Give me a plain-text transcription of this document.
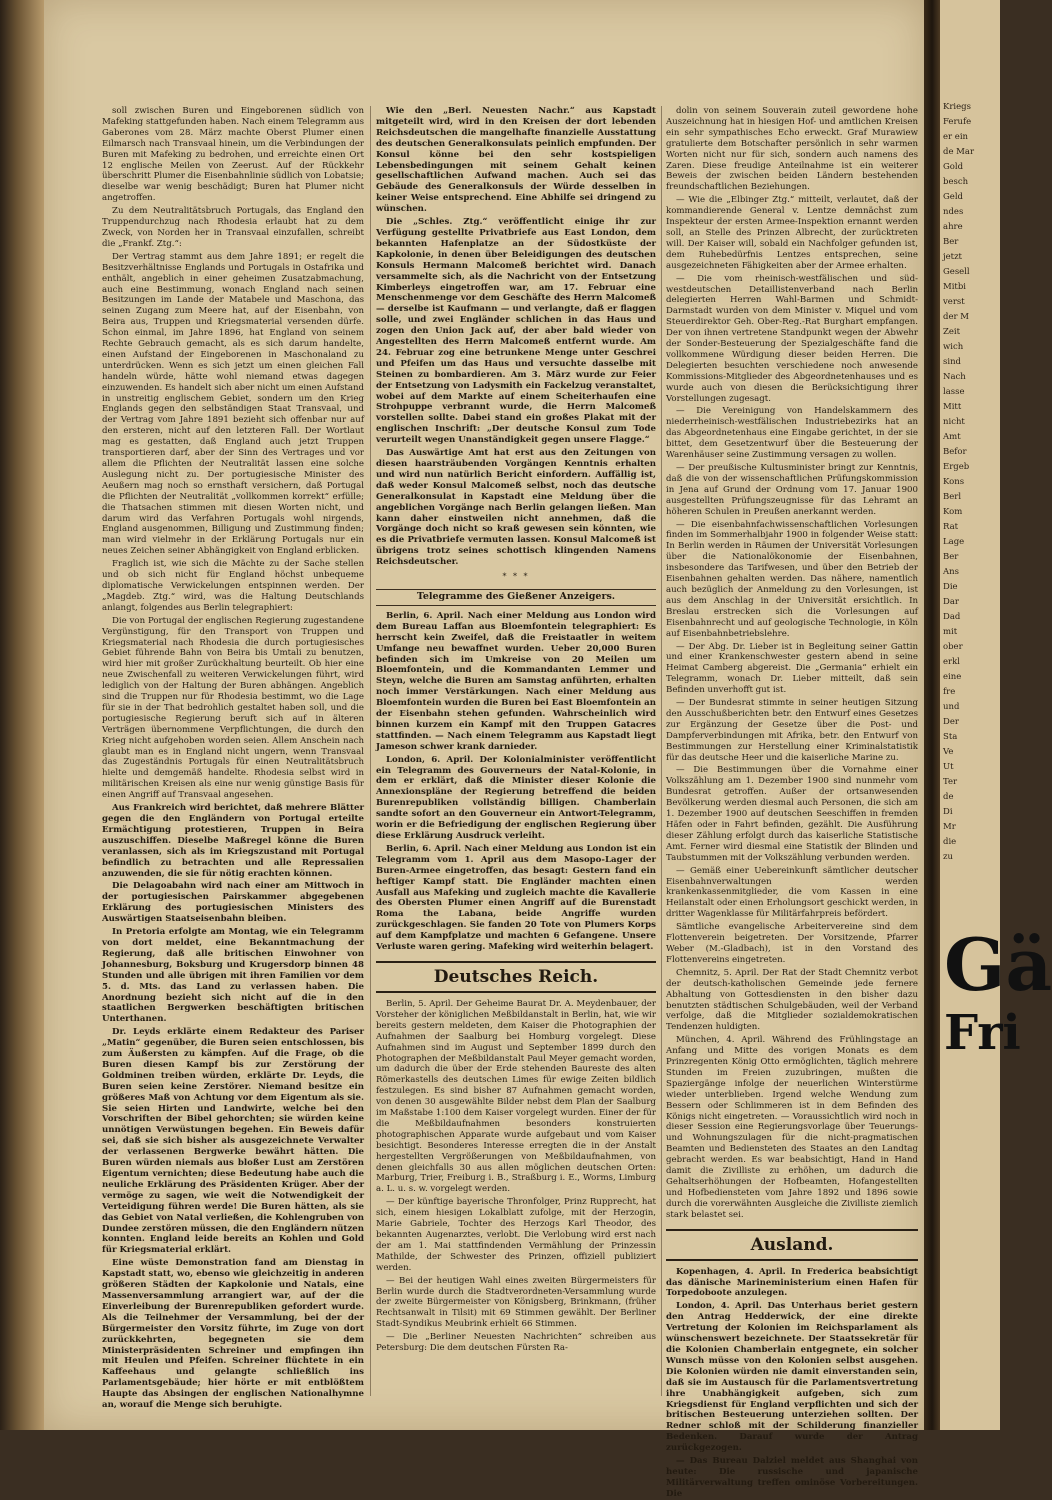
soll zwischen Buren und Eingeborenen südlich von Mafeking stattgefunden haben. Nach einem Telegramm aus Gaberones vom 28. März machte Oberst Plumer einen Eilmarsch nach Transvaal hinein, um die Verbindungen der Buren mit Mafeking zu bedrohen, und erreichte einen Ort 12 englische Meilen von Zeerust. Auf der Rückkehr überschritt Plumer die Eisenbahnlinie südlich von Lobatsie; dieselbe war wenig beschädigt; Buren hat Plumer nicht angetroffen.

Zu dem Neutralitätsbruch Portugals, das England den Truppendurchzug nach Rhodesia erlaubt hat zu dem Zweck, von Norden her in Transvaal einzufallen, schreibt die „Frankf. Ztg.“:

Der Vertrag stammt aus dem Jahre 1891; er regelt die Besitzverhältnisse Englands und Portugals in Ostafrika und enthält, angeblich in einer geheimen Zusatzabmachung, auch eine Bestimmung, wonach England nach seinen Besitzungen im Lande der Matabele und Maschona, das seinen Zugang zum Meere hat, auf der Eisenbahn, von Beira aus, Truppen und Kriegsmaterial versenden dürfe. Schon einmal, im Jahre 1896, hat England von seinem Rechte Gebrauch gemacht, als es sich darum handelte, einen Aufstand der Eingeborenen in Maschonaland zu unterdrücken. Wenn es sich jetzt um einen gleichen Fall handeln würde, hätte wohl niemand etwas dagegen einzuwenden. Es handelt sich aber nicht um einen Aufstand in unstreitig englischem Gebiet, sondern um den Krieg Englands gegen den selbständigen Staat Transvaal, und der Vertrag vom Jahre 1891 bezieht sich offenbar nur auf den ersteren, nicht auf den letzteren Fall. Der Wortlaut mag es gestatten, daß England auch jetzt Truppen transportieren darf, aber der Sinn des Vertrages und vor allem die Pflichten der Neutralität lassen eine solche Auslegung nicht zu. Der portugiesische Minister des Aeußern mag noch so ernsthaft versichern, daß Portugal die Pflichten der Neutralität „vollkommen korrekt“ erfülle; die Thatsachen stimmen mit diesen Worten nicht, und darum wird das Verfahren Portugals wohl nirgends, England ausgenommen, Billigung und Zustimmung finden; man wird vielmehr in der Erklärung Portugals nur ein neues Zeichen seiner Abhängigkeit von England erblicken.

Fraglich ist, wie sich die Mächte zu der Sache stellen und ob sich nicht für England höchst unbequeme diplomatische Verwickelungen entspinnen werden. Der „Magdeb. Ztg.“ wird, was die Haltung Deutschlands anlangt, folgendes aus Berlin telegraphiert:

Die von Portugal der englischen Regierung zugestandene Vergünstigung, für den Transport von Truppen und Kriegsmaterial nach Rhodesia die durch portugiesisches Gebiet führende Bahn von Beira bis Umtali zu benutzen, wird hier mit großer Zurückhaltung beurteilt. Ob hier eine neue Zwischenfall zu weiteren Verwickelungen führt, wird lediglich von der Haltung der Buren abhängen. Angeblich sind die Truppen nur für Rhodesia bestimmt, wo die Lage für sie in der That bedrohlich gestaltet haben soll, und die portugiesische Regierung beruft sich auf in älteren Verträgen übernommene Verpflichtungen, die durch den Krieg nicht aufgehoben worden seien. Allem Anschein nach glaubt man es in England nicht ungern, wenn Transvaal das Zugeständnis Portugals für einen Neutralitätsbruch hielte und demgemäß handelte. Rhodesia selbst wird in militärischen Kreisen als eine nur wenig günstige Basis für einen Angriff auf Transvaal angesehen.

Aus Frankreich wird berichtet, daß mehrere Blätter gegen die den Engländern von Portugal erteilte Ermächtigung protestieren, Truppen in Beira auszuschiffen. Dieselbe Maßregel könne die Buren veranlassen, sich als im Kriegszustand mit Portugal befindlich zu betrachten und alle Repressalien anzuwenden, die sie für nötig erachten können.

Die Delagoabahn wird nach einer am Mittwoch in der portugiesischen Pairskammer abgegebenen Erklärung des portugiesischen Ministers des Auswärtigen Staatseisenbahn bleiben.

In Pretoria erfolgte am Montag, wie ein Telegramm von dort meldet, eine Bekanntmachung der Regierung, daß alle britischen Einwohner von Johannesburg, Boksburg und Krugersdorp binnen 48 Stunden und alle übrigen mit ihren Familien vor dem 5. d. Mts. das Land zu verlassen haben. Die Anordnung bezieht sich nicht auf die in den staatlichen Bergwerken beschäftigten britischen Unterthanen.

Dr. Leyds erklärte einem Redakteur des Pariser „Matin“ gegenüber, die Buren seien entschlossen, bis zum Äußersten zu kämpfen. Auf die Frage, ob die Buren diesen Kampf bis zur Zerstörung der Goldminen treiben würden, erklärte Dr. Leyds, die Buren seien keine Zerstörer. Niemand besitze ein größeres Maß von Achtung vor dem Eigentum als sie. Sie seien Hirten und Landwirte, welche bei den Vorschriften der Bibel gehorchten; sie würden keine unnötigen Verwüstungen begehen. Ein Beweis dafür sei, daß sie sich bisher als ausgezeichnete Verwalter der verlassenen Bergwerke bewährt hätten. Die Buren würden niemals aus bloßer Lust am Zerstören Eigentum vernichten; diese Bedeutung habe auch die neuliche Erklärung des Präsidenten Krüger. Aber der vermöge zu sagen, wie weit die Notwendigkeit der Verteidigung führen werde! Die Buren hätten, als sie das Gebiet von Natal verließen, die Kohlengruben von Dundee zerstören müssen, die den Engländern nützen konnten. England leide bereits an Kohlen und Gold für Kriegsmaterial erklärt.

Eine wüste Demonstration fand am Dienstag in Kapstadt statt, wo, ebenso wie gleichzeitig in anderen größeren Städten der Kapkolonie und Natals, eine Massenversammlung arrangiert war, auf der die Einverleibung der Burenrepubliken gefordert wurde. Als die Teilnehmer der Versammlung, bei der der Bürgermeister den Vorsitz führte, im Zuge von dort zurückkehrten, begegneten sie dem Ministerpräsidenten Schreiner und empfingen ihn mit Heulen und Pfeifen. Schreiner flüchtete in ein Kaffeehaus und gelangte schließlich ins Parlamentsgebäude; hier hörte er mit entblößtem Haupte das Absingen der englischen Nationalhymne an, worauf die Menge sich beruhigte.

Wie den „Berl. Neuesten Nachr.“ aus Kapstadt mitgeteilt wird, wird in den Kreisen der dort lebenden Reichsdeutschen die mangelhafte finanzielle Ausstattung des deutschen Generalkonsulats peinlich empfunden. Der Konsul könne bei den sehr kostspieligen Lebensbedingungen mit seinem Gehalt keinen gesellschaftlichen Aufwand machen. Auch sei das Gebäude des Generalkonsuls der Würde desselben in keiner Weise entsprechend. Eine Abhilfe sei dringend zu wünschen.

Die „Schles. Ztg.“ veröffentlicht einige ihr zur Verfügung gestellte Privatbriefe aus East London, dem bekannten Hafenplatze an der Südostküste der Kapkolonie, in denen über Beleidigungen des deutschen Konsuls Hermann Malcomeß berichtet wird. Danach versammelte sich, als die Nachricht von der Entsetzung Kimberleys eingetroffen war, am 17. Februar eine Menschenmenge vor dem Geschäfte des Herrn Malcomeß — derselbe ist Kaufmann — und verlangte, daß er flaggen solle, und zwei Engländer schlichen in das Haus und zogen den Union Jack auf, der aber bald wieder von Angestellten des Herrn Malcomeß entfernt wurde. Am 24. Februar zog eine betrunkene Menge unter Geschrei und Pfeifen um das Haus und versuchte dasselbe mit Steinen zu bombardieren. Am 3. März wurde zur Feier der Entsetzung von Ladysmith ein Fackelzug veranstaltet, wobei auf dem Markte auf einem Scheiterhaufen eine Strohpuppe verbrannt wurde, die Herrn Malcomeß vorstellen sollte. Dabei stand ein großes Plakat mit der englischen Inschrift: „Der deutsche Konsul zum Tode verurteilt wegen Unanständigkeit gegen unsere Flagge.“

Das Auswärtige Amt hat erst aus den Zeitungen von diesen haarsträubenden Vorgängen Kenntnis erhalten und wird nun natürlich Bericht einfordern. Auffällig ist, daß weder Konsul Malcomeß selbst, noch das deutsche Generalkonsulat in Kapstadt eine Meldung über die angeblichen Vorgänge nach Berlin gelangen ließen. Man kann daher einstweilen nicht annehmen, daß die Vorgänge doch nicht so kraß gewesen sein könnten, wie es die Privatbriefe vermuten lassen. Konsul Malcomeß ist übrigens trotz seines schottisch klingenden Namens Reichsdeutscher.

* * *
Telegramme des Gießener Anzeigers.

Berlin, 6. April. Nach einer Meldung aus London wird dem Bureau Laffan aus Bloemfontein telegraphiert: Es herrscht kein Zweifel, daß die Freistaatler in weitem Umfange neu bewaffnet wurden. Ueber 20,000 Buren befinden sich im Umkreise von 20 Meilen um Bloemfontein, und die Kommandanten Lemmer und Steyn, welche die Buren am Samstag anführten, erhalten noch immer Verstärkungen. Nach einer Meldung aus Bloemfontein wurden die Buren bei East Bloemfontein an der Eisenbahn stehen gefunden. Wahrscheinlich wird binnen kurzem ein Kampf mit den Truppen Gatacres stattfinden. — Nach einem Telegramm aus Kapstadt liegt Jameson schwer krank darnieder.

London, 6. April. Der Kolonialminister veröffentlicht ein Telegramm des Gouverneurs der Natal-Kolonie, in dem er erklärt, daß die Minister dieser Kolonie die Annexionspläne der Regierung betreffend die beiden Burenrepubliken vollständig billigen. Chamberlain sandte sofort an den Gouverneur ein Antwort-Telegramm, worin er die Befriedigung der englischen Regierung über diese Erklärung Ausdruck verleiht.

Berlin, 6. April. Nach einer Meldung aus London ist ein Telegramm vom 1. April aus dem Masopo-Lager der Buren-Armee eingetroffen, das besagt: Gestern fand ein heftiger Kampf statt. Die Engländer machten einen Ausfall aus Mafeking und zugleich machte die Kavallerie des Obersten Plumer einen Angriff auf die Burenstadt Roma the Labana, beide Angriffe wurden zurückgeschlagen. Sie fanden 20 Tote von Plumers Korps auf dem Kampfplatze und machten 6 Gefangene. Unsere Verluste waren gering. Mafeking wird weiterhin belagert.

Deutsches Reich.

Berlin, 5. April. Der Geheime Baurat Dr. A. Meydenbauer, der Vorsteher der königlichen Meßbildanstalt in Berlin, hat, wie wir bereits gestern meldeten, dem Kaiser die Photographien der Aufnahmen der Saalburg bei Homburg vorgelegt. Diese Aufnahmen sind im August und September 1899 durch den Photographen der Meßbildanstalt Paul Meyer gemacht worden, um dadurch die über der Erde stehenden Baureste des alten Römerkastells des deutschen Limes für ewige Zeiten bildlich festzulegen. Es sind bisher 87 Aufnahmen gemacht worden, von denen 30 ausgewählte Bilder nebst dem Plan der Saalburg im Maßstabe 1:100 dem Kaiser vorgelegt wurden. Einer der für die Meßbildaufnahmen besonders konstruierten photographischen Apparate wurde aufgebaut und vom Kaiser besichtigt. Besonderes Interesse erregten die in der Anstalt hergestellten Vergrößerungen von Meßbildaufnahmen, von denen gleichfalls 30 aus allen möglichen deutschen Orten: Marburg, Trier, Freiburg i. B., Straßburg i. E., Worms, Limburg a. L. u. s. w. vorgelegt werden.

— Der künftige bayerische Thronfolger, Prinz Rupprecht, hat sich, einem hiesigen Lokalblatt zufolge, mit der Herzogin, Marie Gabriele, Tochter des Herzogs Karl Theodor, des bekannten Augenarztes, verlobt. Die Verlobung wird erst nach der am 1. Mai stattfindenden Vermählung der Prinzessin Mathilde, der Schwester des Prinzen, offiziell publiziert werden.

— Bei der heutigen Wahl eines zweiten Bürgermeisters für Berlin wurde durch die Stadtverordneten-Versammlung wurde der zweite Bürgermeister von Königsberg, Brinkmann, (früher Rechtsanwalt in Tilsit) mit 69 Stimmen gewählt. Der Berliner Stadt-Syndikus Meubrink erhielt 66 Stimmen.

— Die „Berliner Neuesten Nachrichten“ schreiben aus Petersburg: Die dem deutschen Fürsten Ra-

dolin von seinem Souverain zuteil gewordene hohe Auszeichnung hat in hiesigen Hof- und amtlichen Kreisen ein sehr sympathisches Echo erweckt. Graf Murawiew gratulierte dem Botschafter persönlich in sehr warmen Worten nicht nur für sich, sondern auch namens des Zaren. Diese freudige Anteilnahme ist ein weiterer Beweis der zwischen beiden Ländern bestehenden freundschaftlichen Beziehungen.

— Wie die „Elbinger Ztg.“ mitteilt, verlautet, daß der kommandierende General v. Lentze demnächst zum Inspekteur der ersten Armee-Inspektion ernannt werden soll, an Stelle des Prinzen Albrecht, der zurücktreten will. Der Kaiser will, sobald ein Nachfolger gefunden ist, dem Ruhebedürfnis Lentzes entsprechen, seine ausgezeichneten Fähigkeiten aber der Armee erhalten.

— Die vom rheinisch-westfälischen und süd-westdeutschen Detaillistenverband nach Berlin delegierten Herren Wahl-Barmen und Schmidt-Darmstadt wurden von dem Minister v. Miquel und vom Steuerdirektor Geh. Ober-Reg.-Rat Burghart empfangen. Der von ihnen vertretene Standpunkt wegen der Abwehr der Sonder-Besteuerung der Spezialgeschäfte fand die vollkommene Würdigung dieser beiden Herren. Die Delegierten besuchten verschiedene noch anwesende Kommissions-Mitglieder des Abgeordnetenhauses und es wurde auch von diesen die Berücksichtigung ihrer Vorstellungen zugesagt.

— Die Vereinigung von Handelskammern des niederrheinisch-westfälischen Industriebezirks hat an das Abgeordnetenhaus eine Eingabe gerichtet, in der sie bittet, dem Gesetzentwurf über die Besteuerung der Warenhäuser seine Zustimmung versagen zu wollen.

— Der preußische Kultusminister bringt zur Kenntnis, daß die von der wissenschaftlichen Prüfungskommission in Jena auf Grund der Ordnung vom 17. Januar 1900 ausgestellten Prüfungszeugnisse für das Lehramt an höheren Schulen in Preußen anerkannt werden.

— Die eisenbahnfachwissenschaftlichen Vorlesungen finden im Sommerhalbjahr 1900 in folgender Weise statt: In Berlin werden in Räumen der Universität Vorlesungen über die Nationalökonomie der Eisenbahnen, insbesondere das Tarifwesen, und über den Betrieb der Eisenbahnen gehalten werden. Das nähere, namentlich auch bezüglich der Anmeldung zu den Vorlesungen, ist aus dem Anschlag in der Universität ersichtlich. In Breslau erstrecken sich die Vorlesungen auf Eisenbahnrecht und auf geologische Technologie, in Köln auf Eisenbahnbetriebslehre.

— Der Abg. Dr. Lieber ist in Begleitung seiner Gattin und einer Krankenschwester gestern abend in seine Heimat Camberg abgereist. Die „Germania“ erhielt ein Telegramm, wonach Dr. Lieber mitteilt, daß sein Befinden unverhofft gut ist.

— Der Bundesrat stimmte in seiner heutigen Sitzung den Ausschußberichten betr. den Entwurf eines Gesetzes zur Ergänzung der Gesetze über die Post- und Dampferverbindungen mit Afrika, betr. den Entwurf von Bestimmungen zur Herstellung einer Kriminalstatistik für das deutsche Heer und die kaiserliche Marine zu.

— Die Bestimmungen über die Vornahme einer Volkszählung am 1. Dezember 1900 sind nunmehr vom Bundesrat getroffen. Außer der ortsanwesenden Bevölkerung werden diesmal auch Personen, die sich am 1. Dezember 1900 auf deutschen Seeschiffen in fremden Häfen oder in Fahrt befinden, gezählt. Die Ausführung dieser Zählung erfolgt durch das kaiserliche Statistische Amt. Ferner wird diesmal eine Statistik der Blinden und Taubstummen mit der Volkszählung verbunden werden.

— Gemäß einer Uebereinkunft sämtlicher deutscher Eisenbahnverwaltungen werden krankenkassenmitglieder, die vom Kassen in eine Heilanstalt oder einen Erholungsort geschickt werden, in dritter Wagenklasse für Militärfahrpreis befördert.

Sämtliche evangelische Arbeitervereine sind dem Flottenverein beigetreten. Der Vorsitzende, Pfarrer Weber (M.-Gladbach), ist in den Vorstand des Flottenvereins eingetreten.

Chemnitz, 5. April. Der Rat der Stadt Chemnitz verbot der deutsch-katholischen Gemeinde jede fernere Abhaltung von Gottesdiensten in den bisher dazu benutzten städtischen Schulgebäuden, weil der Verband verfolge, daß die Mitglieder sozialdemokratischen Tendenzen huldigten.

München, 4. April. Während des Frühlingstage an Anfang und Mitte des vorigen Monats es dem Prinzregenten König Otto ermöglichten, täglich mehrere Stunden im Freien zuzubringen, mußten die Spaziergänge infolge der neuerlichen Winterstürme wieder unterblieben. Irgend welche Wendung zum Bessern oder Schlimmeren ist in dem Befinden des Königs nicht eingetreten. — Voraussichtlich wird noch in dieser Session eine Regierungsvorlage über Teuerungs- und Wohnungszulagen für die nicht-pragmatischen Beamten und Bediensteten des Staates an den Landtag gebracht werden. Es war beabsichtigt, Hand in Hand damit die Zivilliste zu erhöhen, um dadurch die Gehaltserhöhungen der Hofbeamten, Hofangestellten und Hofbediensteten vom Jahre 1892 und 1896 sowie durch die vorerwähnten Ausgleiche die Zivilliste ziemlich stark belastet sei.

Ausland.

Kopenhagen, 4. April. In Frederica beabsichtigt das dänische Marineministerium einen Hafen für Torpedoboote anzulegen.

London, 4. April. Das Unterhaus beriet gestern den Antrag Hedderwick, der eine direkte Vertretung der Kolonien im Reichsparlament als wünschenswert bezeichnete. Der Staatssekretär für die Kolonien Chamberlain entgegnete, ein solcher Wunsch müsse von den Kolonien selbst ausgehen. Die Kolonien würden nie damit einverstanden sein, daß sie im Austausch für die Parlamentsvertretung ihre Unabhängigkeit aufgeben, sich zum Kriegsdienst für England verpflichten und sich der britischen Besteuerung unterziehen sollten. Der Redner schloß mit der Schilderung finanzieller Bedenken. Darauf wurde der Antrag zurückgezogen.

— Das Bureau Dalziel meldet aus Shanghai von heute: Die russische und japanische Militärverwaltung treffen ominöse Vorbereitungen. Die

Kriegs
Ferufe
er ein
de Mar
Gold
besch
Geld
ndes
ahre
Ber
jetzt
Gesell
Mitbi
verst
der M
Zeit
wich
sind
Nach
lasse
Mitt
nicht
Amt
Befor
Ergeb
Kons
Berl
Kom
Rat
Lage
Ber
Ans
Die
Dar
Dad
mit
ober
erkl
eine
fre
und
Der
Sta
Ve
Ut
Ter
de
Di
Mr
die
zu
Gä
Fri
